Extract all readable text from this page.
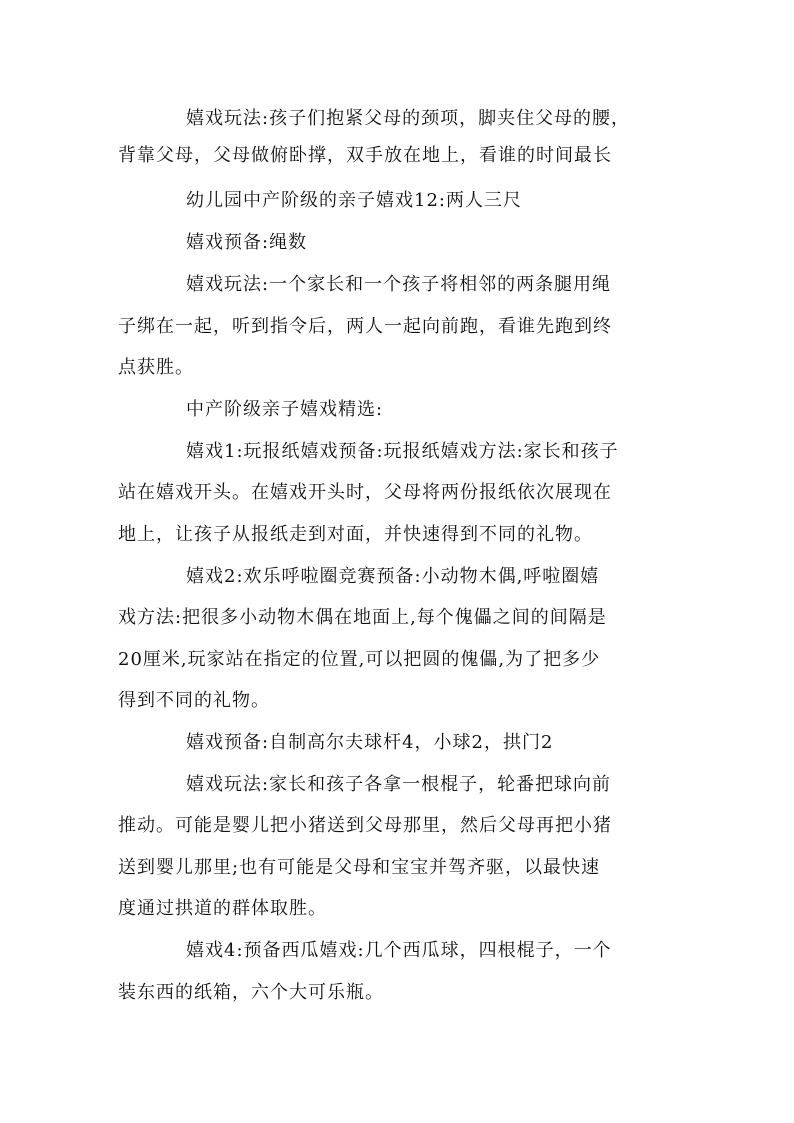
嬉戏玩法:孩子们抱紧父母的颈项，脚夹住父母的腰，
背靠父母，父母做俯卧撑，双手放在地上，看谁的时间最长
幼儿园中产阶级的亲子嬉戏12:两人三尺
嬉戏预备:绳数
嬉戏玩法:一个家长和一个孩子将相邻的两条腿用绳
子绑在一起，听到指令后，两人一起向前跑，看谁先跑到终
点获胜。
中产阶级亲子嬉戏精选:
嬉戏1:玩报纸嬉戏预备:玩报纸嬉戏方法:家长和孩子
站在嬉戏开头。在嬉戏开头时，父母将两份报纸依次展现在
地上，让孩子从报纸走到对面，并快速得到不同的礼物。
嬉戏2:欢乐呼啦圈竞赛预备:小动物木偶,呼啦圈嬉
戏方法:把很多小动物木偶在地面上,每个傀儡之间的间隔是
20厘米,玩家站在指定的位置,可以把圆的傀儡,为了把多少
得到不同的礼物。
嬉戏预备:自制高尔夫球杆4，小球2，拱门2
嬉戏玩法:家长和孩子各拿一根棍子，轮番把球向前
推动。可能是婴儿把小猪送到父母那里，然后父母再把小猪
送到婴儿那里;也有可能是父母和宝宝并驾齐驱，以最快速
度通过拱道的群体取胜。
嬉戏4:预备西瓜嬉戏:几个西瓜球，四根棍子，一个
装东西的纸箱，六个大可乐瓶。
